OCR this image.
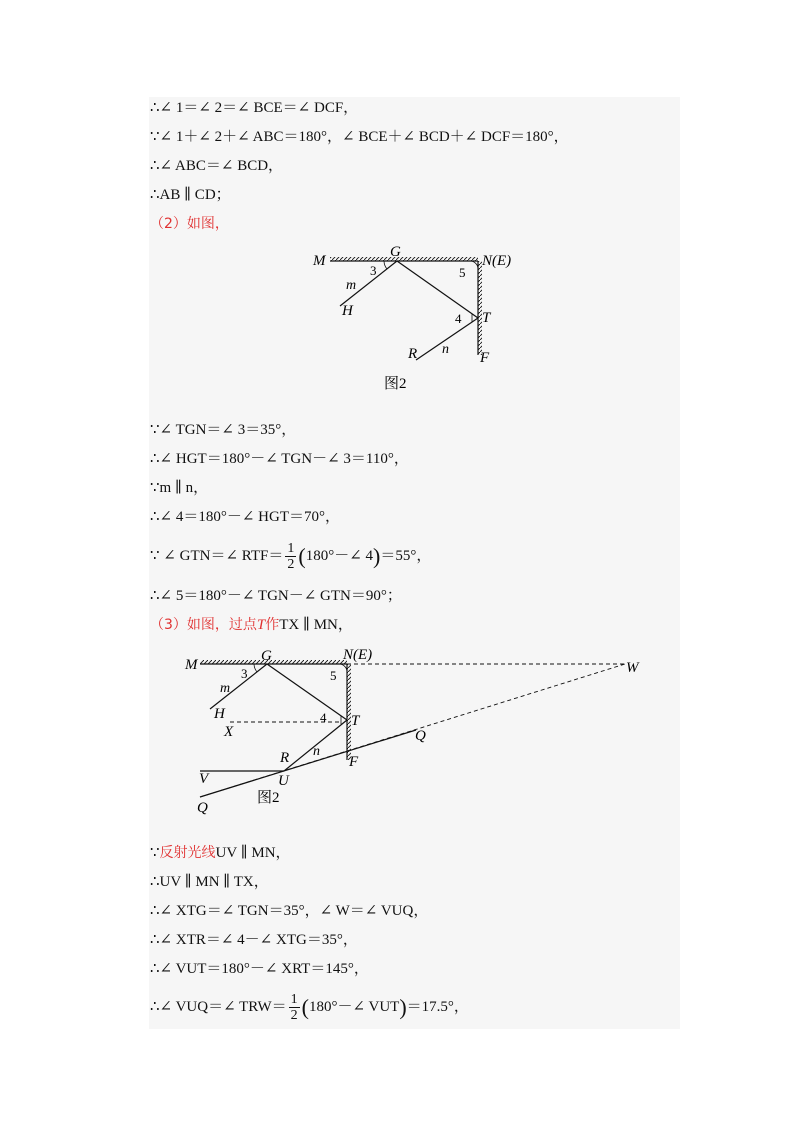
∴∠ 1＝∠ 2＝∠ BCE＝∠ DCF，
∵∠ 1＋∠ 2＋∠ ABC＝180°，∠ BCE＋∠ BCD＋∠ DCF＝180°，
∴∠ ABC＝∠ BCD，
∴AB ∥ CD；
（2）如图，
M
G
N(E)
3	5
m
H	4 T
R n
F
图2
∵∠ TGN＝∠ 3＝35°，
∴∠ HGT＝180°－∠ TGN－∠ 3＝110°，
∵m ∥ n，
∴∠ 4＝180°－∠ HGT＝70°，
∵ ∠ GTN＝∠ $RTF= \frac{1}{2}$ (180°－∠ 4)＝55°，
∴∠ 5＝180°－∠ TGN－∠ GTN＝90°；
（3）如图，过点T作TX ∥ MN，
M
G	N(E)
W
3	5
m
H	4 T
X	Q
R n
V	U
F
Q
图2
∵反射光线UV ∥ MN，
∴UV ∥ MN ∥ TX，
∴∠ XTG＝∠ TGN＝35°，∠ W＝∠ VUQ，
∴∠ XTR＝∠ 4－∠ XTG＝35°，
∴∠ VUT＝180°－∠ XRT＝145°，
∴∠ VUQ＝∠ $TRW= \frac{1}{2}$ (180°－∠ VUT)＝17.5°，
